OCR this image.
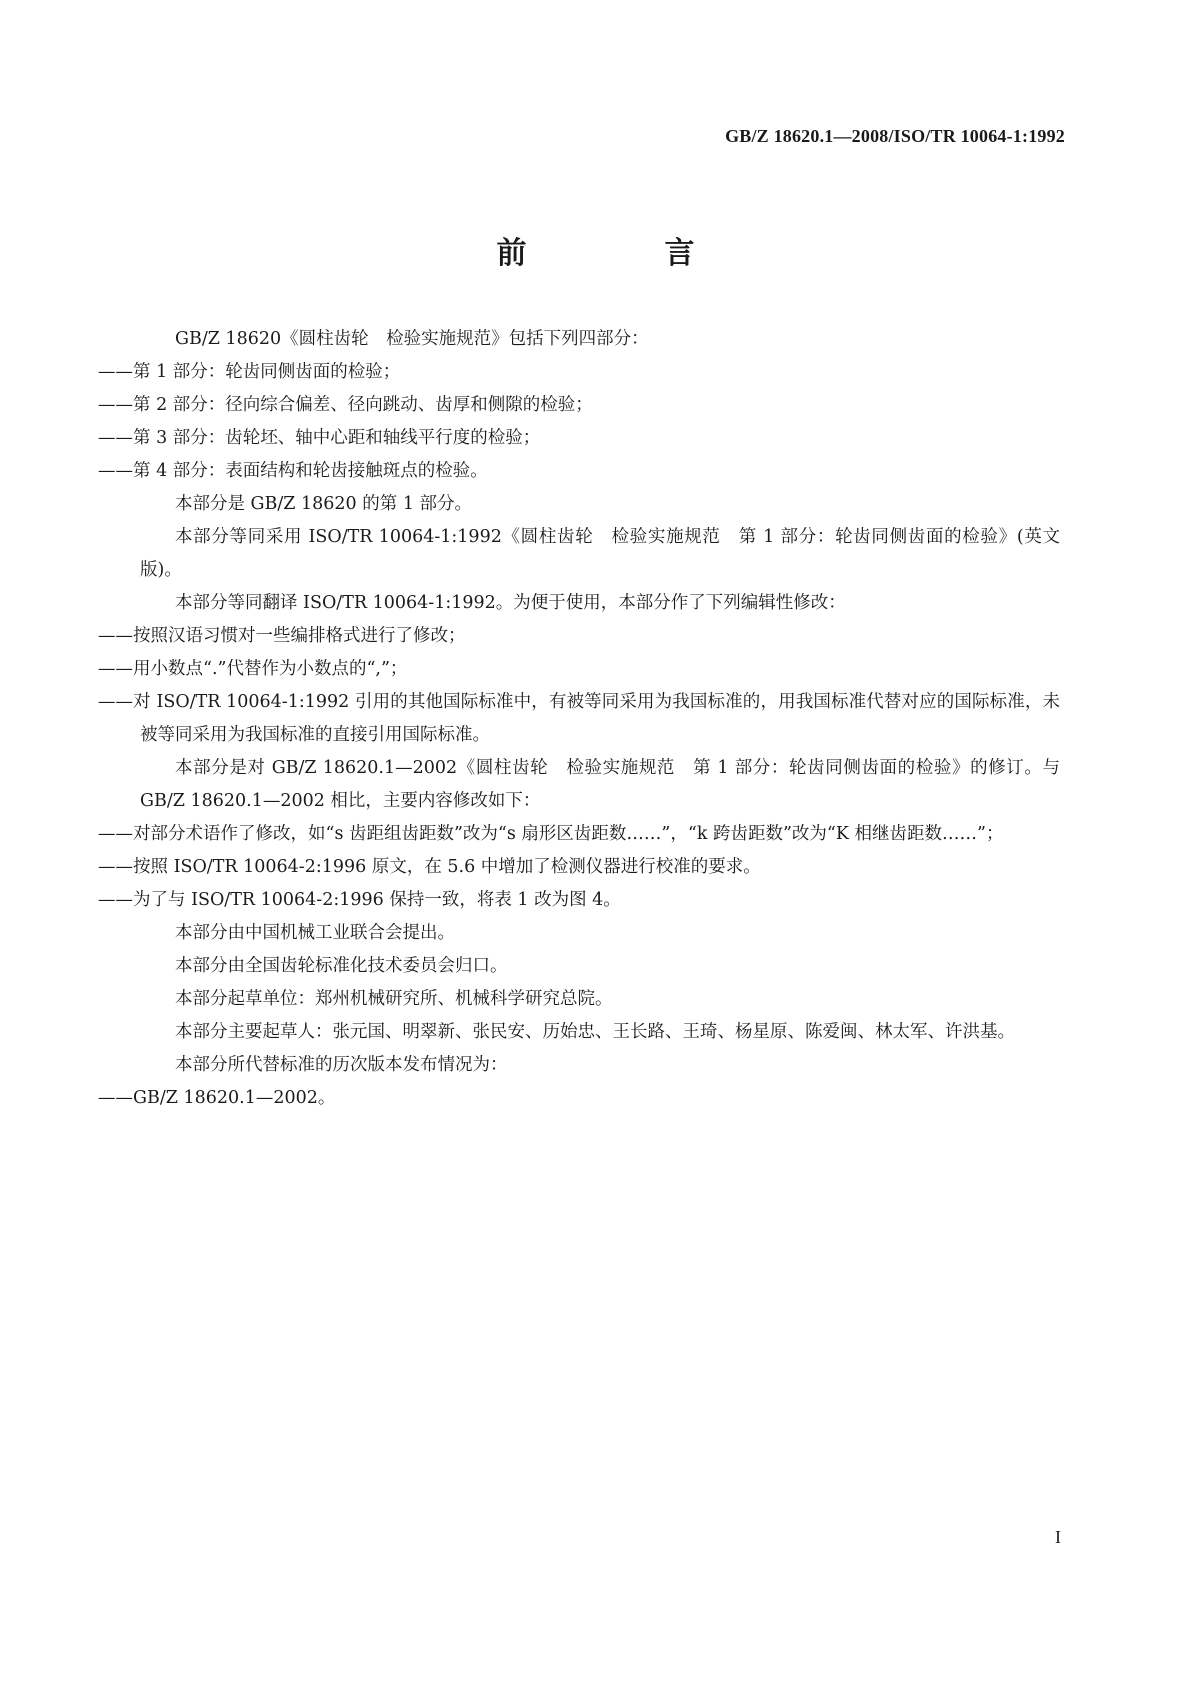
GB/Z 18620.1—2008/ISO/TR 10064-1:1992
前　言

GB/Z 18620《圆柱齿轮　检验实施规范》包括下列四部分：

——第 1 部分：轮齿同侧齿面的检验；

——第 2 部分：径向综合偏差、径向跳动、齿厚和侧隙的检验；

——第 3 部分：齿轮坯、轴中心距和轴线平行度的检验；

——第 4 部分：表面结构和轮齿接触斑点的检验。

本部分是 GB/Z 18620 的第 1 部分。

本部分等同采用 ISO/TR 10064-1:1992《圆柱齿轮　检验实施规范　第 1 部分：轮齿同侧齿面的检验》(英文版)。

本部分等同翻译 ISO/TR 10064-1:1992。为便于使用，本部分作了下列编辑性修改：

——按照汉语习惯对一些编排格式进行了修改；

——用小数点“.”代替作为小数点的“,”；

——对 ISO/TR 10064-1:1992 引用的其他国际标准中，有被等同采用为我国标准的，用我国标准代替对应的国际标准，未被等同采用为我国标准的直接引用国际标准。

本部分是对 GB/Z 18620.1—2002《圆柱齿轮　检验实施规范　第 1 部分：轮齿同侧齿面的检验》的修订。与 GB/Z 18620.1—2002 相比，主要内容修改如下：

——对部分术语作了修改，如“s 齿距组齿距数”改为“s 扇形区齿距数……”，“k 跨齿距数”改为“K 相继齿距数……”；

——按照 ISO/TR 10064-2:1996 原文，在 5.6 中增加了检测仪器进行校准的要求。

——为了与 ISO/TR 10064-2:1996 保持一致，将表 1 改为图 4。

本部分由中国机械工业联合会提出。

本部分由全国齿轮标准化技术委员会归口。

本部分起草单位：郑州机械研究所、机械科学研究总院。

本部分主要起草人：张元国、明翠新、张民安、历始忠、王长路、王琦、杨星原、陈爱闽、林太军、许洪基。

本部分所代替标准的历次版本发布情况为：

——GB/Z 18620.1—2002。

I
